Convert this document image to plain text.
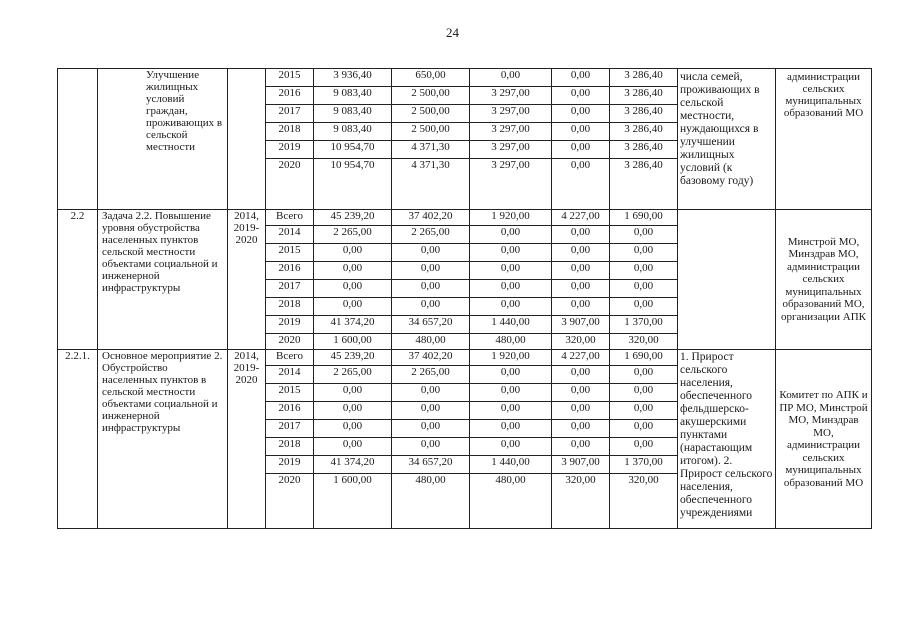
24
	Улучшение жилищных условий граждан, проживающих в сельской местности		2015	3 936,40	650,00	0,00	0,00	3 286,40	числа семей, проживающих в сельской местности, нуждающихся в улучшении жилищных условий (к базовому году)	администрации сельских муниципальных образований МО
			2016	9 083,40	2 500,00	3 297,00	0,00	3 286,40		
			2017	9 083,40	2 500,00	3 297,00	0,00	3 286,40		
			2018	9 083,40	2 500,00	3 297,00	0,00	3 286,40		
			2019	10 954,70	4 371,30	3 297,00	0,00	3 286,40		
			2020	10 954,70	4 371,30	3 297,00	0,00	3 286,40		
2.2	Задача 2.2. Повышение уровня обустройства населенных пунктов сельской местности объектами социальной и инженерной инфраструктуры	2014, 2019-2020	Всего	45 239,20	37 402,20	1 920,00	4 227,00	1 690,00		Минстрой МО, Минздрав МО, администрации сельских муниципальных образований МО, организации АПК
			2014	2 265,00	2 265,00	0,00	0,00	0,00		
			2015	0,00	0,00	0,00	0,00	0,00		
			2016	0,00	0,00	0,00	0,00	0,00		
			2017	0,00	0,00	0,00	0,00	0,00		
			2018	0,00	0,00	0,00	0,00	0,00		
			2019	41 374,20	34 657,20	1 440,00	3 907,00	1 370,00		
			2020	1 600,00	480,00	480,00	320,00	320,00		
2.2.1.	Основное мероприятие 2. Обустройство населенных пунктов в сельской местности объектами социальной и инженерной инфраструктуры	2014, 2019-2020	Всего	45 239,20	37 402,20	1 920,00	4 227,00	1 690,00	1. Прирост сельского населения, обеспеченного фельдшерско-акушерскими пунктами (нарастающим итогом). 2. Прирост сельского населения, обеспеченного учреждениями	Комитет по АПК и ПР МО, Минстрой МО, Минздрав МО, администрации сельских муниципальных образований МО
			2014	2 265,00	2 265,00	0,00	0,00	0,00		
			2015	0,00	0,00	0,00	0,00	0,00		
			2016	0,00	0,00	0,00	0,00	0,00		
			2017	0,00	0,00	0,00	0,00	0,00		
			2018	0,00	0,00	0,00	0,00	0,00		
			2019	41 374,20	34 657,20	1 440,00	3 907,00	1 370,00		
			2020	1 600,00	480,00	480,00	320,00	320,00		
